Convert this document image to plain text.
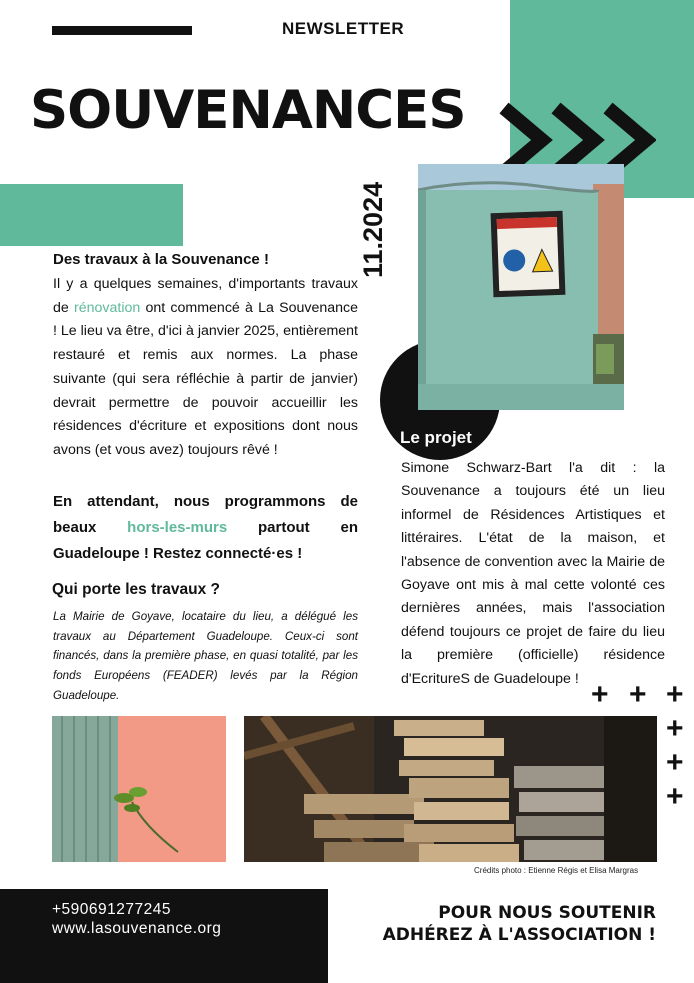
NEWSLETTER
SOUVENANCES
11.2024
Le projet
Des travaux à la Souvenance !
Il y a quelques semaines, d'importants travaux de rénovation ont commencé à La Souvenance ! Le lieu va être, d'ici à janvier 2025, entièrement restauré et remis aux normes. La phase suivante (qui sera réfléchie à partir de janvier) devrait permettre de pouvoir accueillir les résidences d'écriture et expositions dont nous avons (et vous avez) toujours rêvé !
En attendant, nous programmons de beaux hors-les-murs partout en Guadeloupe ! Restez connecté·es !
Qui porte les travaux ?
La Mairie de Goyave, locataire du lieu, a délégué les travaux au Département Guadeloupe. Ceux-ci sont financés, dans la première phase, en quasi totalité, par les fonds Européens (FEADER) levés par la Région Guadeloupe.
Simone Schwarz-Bart l'a dit : la Souvenance a toujours été un lieu informel de Résidences Artistiques et littéraires. L'état de la maison, et l'absence de convention avec la Mairie de Goyave ont mis à mal cette volonté ces dernières années, mais l'association défend toujours ce projet de faire du lieu la première (officielle) résidence d'EcritureS de Guadeloupe ! + + +
+
+
+
Crédits photo : Etienne Régis et Elisa Margras
+590691277245
www.lasouvenance.org
POUR NOUS SOUTENIR
ADHÉREZ À L'ASSOCIATION !
